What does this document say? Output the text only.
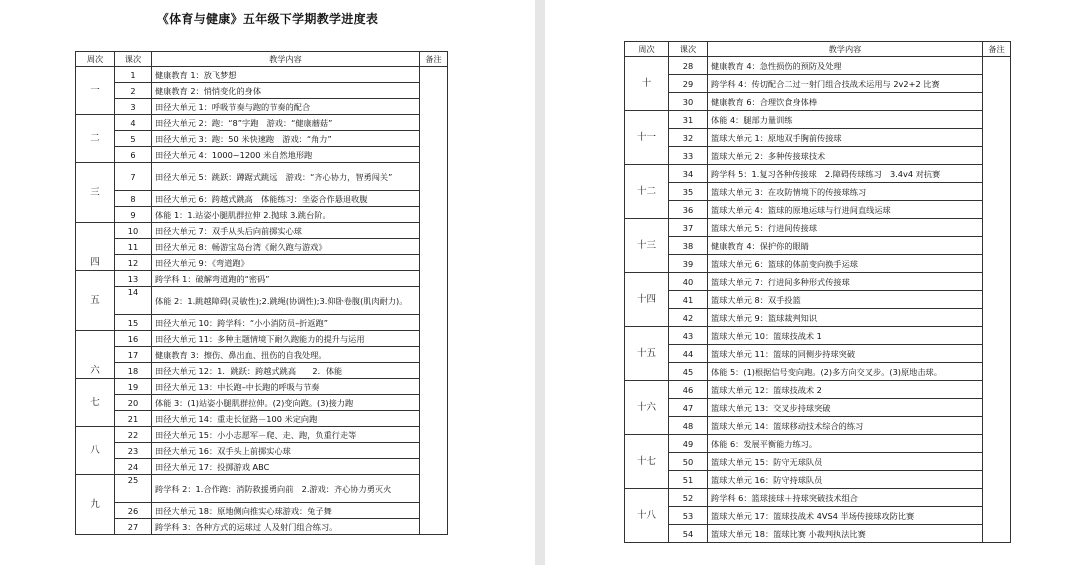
《体育与健康》五年级下学期教学进度表
周次	课次	教学内容	备注
一	1	健康教育 1：放飞梦想	
	2	健康教育 2：悄悄变化的身体	
	3	田径大单元 1：呼吸节奏与跑的节奏的配合	
二	4	田径大单元 2：跑：“8”字跑　游戏：“健康蘑菇”	
	5	田径大单元 3：跑：50 米快速跑　游戏：“角力”	
	6	田径大单元 4：1000~1200 米自然地形跑	
三	7	田径大单元 5：跳跃：蹲踞式跳远　游戏：“齐心协力，智勇闯关”	
	8	田径大单元 6：跨越式跳高　体能练习：坐姿合作悬退收腹	
	9	体能 1：1.站姿小腿肌群拉伸 2.抛球 3.跳台阶。	
四	10	田径大单元 7：双手从头后向前掷实心球	
	11	田径大单元 8：畅游宝岛台湾《耐久跑与游戏》	
	12	田径大单元 9：《弯道跑》	
五	13	跨学科 1：破解弯道跑的“密码”	
	14	体能 2：1.跳越障碍(灵敏性);2.跳绳(协调性);3.仰卧卷腹(肌肉耐力)。	
	15	田径大单元 10：跨学科：“小小消防员–折返跑”	
六	16	田径大单元 11：多种主题情境下耐久跑能力的提升与运用	
	17	健康教育 3：擦伤、鼻出血、扭伤的自我处理。	
	18	田径大单元 12：1．跳跃：跨越式跳高　　2．体能	
七	19	田径大单元 13：中长跑–中长跑的呼吸与节奏	
	20	体能 3：(1)站姿小腿肌群拉伸。(2)变向跑。(3)接力跑	
	21	田径大单元 14：重走长征路－100 米定向跑	
八	22	田径大单元 15：小小志愿军－爬、走、跑，负重行走等	
	23	田径大单元 16：双手头上前掷实心球	
	24	田径大单元 17：投掷游戏 ABC	
九	25	跨学科 2：1.合作跑：消防救援勇向前　2.游戏：齐心协力勇灭火	
	26	田径大单元 18：原地侧向推实心球游戏：兔子舞	
	27	跨学科 3：各种方式的运球过 人及射门组合练习。	
周次	课次	教学内容	备注
十	28	健康教育 4：急性损伤的预防及处理	
	29	跨学科 4：传切配合二过一射门组合技战术运用与 2v2+2 比赛	
	30	健康教育 6：合理饮食身体棒	
十一	31	体能 4：腿部力量训练	
	32	篮球大单元 1：原地双手胸前传接球	
	33	篮球大单元 2：多种传接球技术	
十二	34	跨学科 5：1.复习各种传接球　2.障碍传球练习　3.4v4 对抗赛	
	35	篮球大单元 3：在攻防情境下的传接球练习	
	36	篮球大单元 4：篮球的原地运球与行进间直线运球	
十三	37	篮球大单元 5：行进间传接球	
	38	健康教育 4：保护你的眼睛	
	39	篮球大单元 6：篮球的体前变向换手运球	
十四	40	篮球大单元 7：行进间多种形式传接球	
	41	篮球大单元 8：双手投篮	
	42	篮球大单元 9：篮球裁判知识	
十五	43	篮球大单元 10：篮球技战术 1	
	44	篮球大单元 11：篮球的同侧步持球突破	
	45	体能 5：(1)根据信号变向跑。(2)多方向交叉步。(3)原地击球。	
十六	46	篮球大单元 12：篮球技战术 2	
	47	篮球大单元 13：交叉步持球突破	
	48	篮球大单元 14：篮球移动技术综合的练习	
十七	49	体能 6：发展平衡能力练习。	
	50	篮球大单元 15：防守无球队员	
	51	篮球大单元 16：防守持球队员	
十八	52	跨学科 6：篮球接球＋持球突破技术组合	
	53	篮球大单元 17：篮球技战术 4VS4 半场传接球攻防比赛	
	54	篮球大单元 18：篮球比赛 小裁判执法比赛	
